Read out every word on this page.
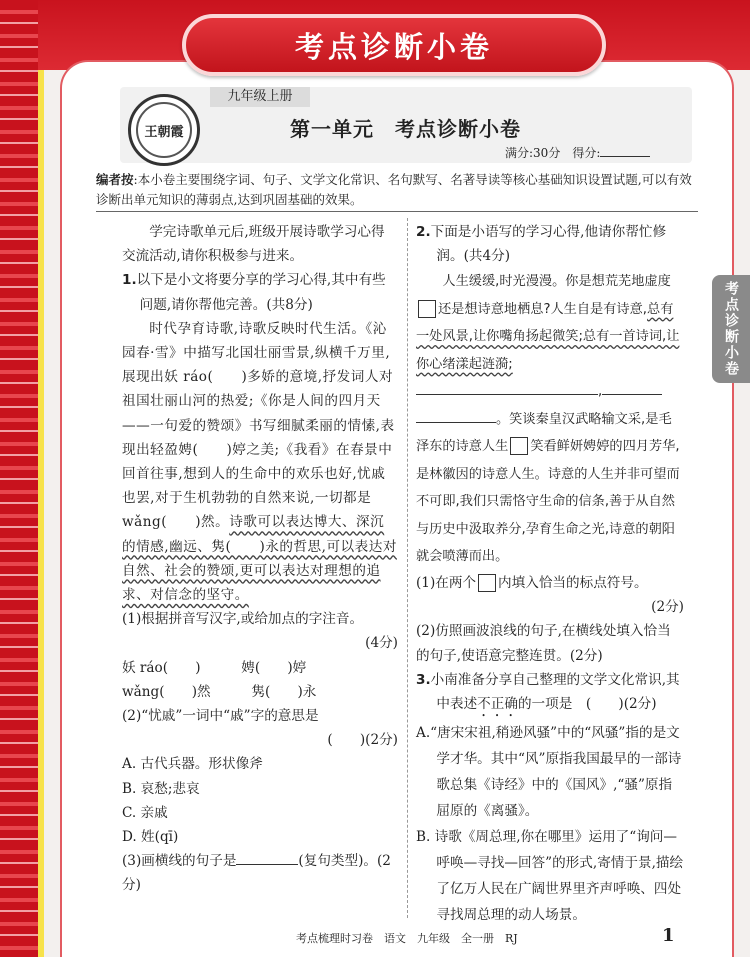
考点诊断小卷
王朝霞
九年级上册
第一单元　考点诊断小卷
满分:30分　得分:
编者按:本小卷主要围绕字词、句子、文学文化常识、名句默写、名著导读等核心基础知识设置试题,可以有效诊断出单元知识的薄弱点,达到巩固基础的效果。
考点诊断小卷

学完诗歌单元后,班级开展诗歌学习心得交流活动,请你积极参与进来。

1.以下是小文将要分享的学习心得,其中有些问题,请你帮他完善。(共8分)

时代孕育诗歌,诗歌反映时代生活。《沁园春·雪》中描写北国壮丽雪景,纵横千万里,展现出妖 ráo(　　)多娇的意境,抒发词人对祖国壮丽山河的热爱;《你是人间的四月天——一句爱的赞颂》书写细腻柔丽的情愫,表现出轻盈娉(　　)婷之美;《我看》在春景中回首往事,想到人的生命中的欢乐也好,忧戚也罢,对于生机勃勃的自然来说,一切都是 wǎng(　　)然。诗歌可以表达博大、深沉的情感,幽远、隽(　　)永的哲思,可以表达对自然、社会的赞颂,更可以表达对理想的追求、对信念的坚守。

(1)根据拼音写汉字,或给加点的字注音。

(4分)

妖 ráo(　　)　　　娉(　　)婷

wǎng(　　)然　　　隽(　　)永

(2)“忧戚”一词中“戚”字的意思是

(　　)(2分)

A. 古代兵器。形状像斧

B. 哀愁;悲哀

C. 亲戚

D. 姓(qī)

(3)画横线的句子是	(复句类型)。(2分)

2.下面是小语写的学习心得,他请你帮忙修润。(共4分)

人生缓缓,时光漫漫。你是想荒芜地虚度还是想诗意地栖息?人生自是有诗意,总有一处风景,让你嘴角扬起微笑;总有一首诗词,让你心绪漾起涟漪;
,
。笑谈秦皇汉武略输文采,是毛泽东的诗意人生 笑看鲜妍娉婷的四月芳华,是林徽因的诗意人生。诗意的人生并非可望而不可即,我们只需恪守生命的信条,善于从自然与历史中汲取养分,孕育生命之光,诗意的朝阳就会喷薄而出。

(1)在两个 内填入恰当的标点符号。

(2分)

(2)仿照画波浪线的句子,在横线处填入恰当的句子,使语意完整连贯。(2分)

3.小南准备分享自己整理的文学文化常识,其中表述不正确的一项是　(　　)(2分)

A.“唐宋宋祖,稍逊风骚”中的“风骚”指的是文学才华。其中“风”原指我国最早的一部诗歌总集《诗经》中的《国风》,“骚”原指屈原的《离骚》。

B. 诗歌《周总理,你在哪里》运用了“询问—呼唤—寻找—回答”的形式,寄情于景,描绘了亿万人民在广阔世界里齐声呼唤、四处寻找周总理的动人场景。

考点梳理时习卷　语文　九年级　全一册　RJ	1
